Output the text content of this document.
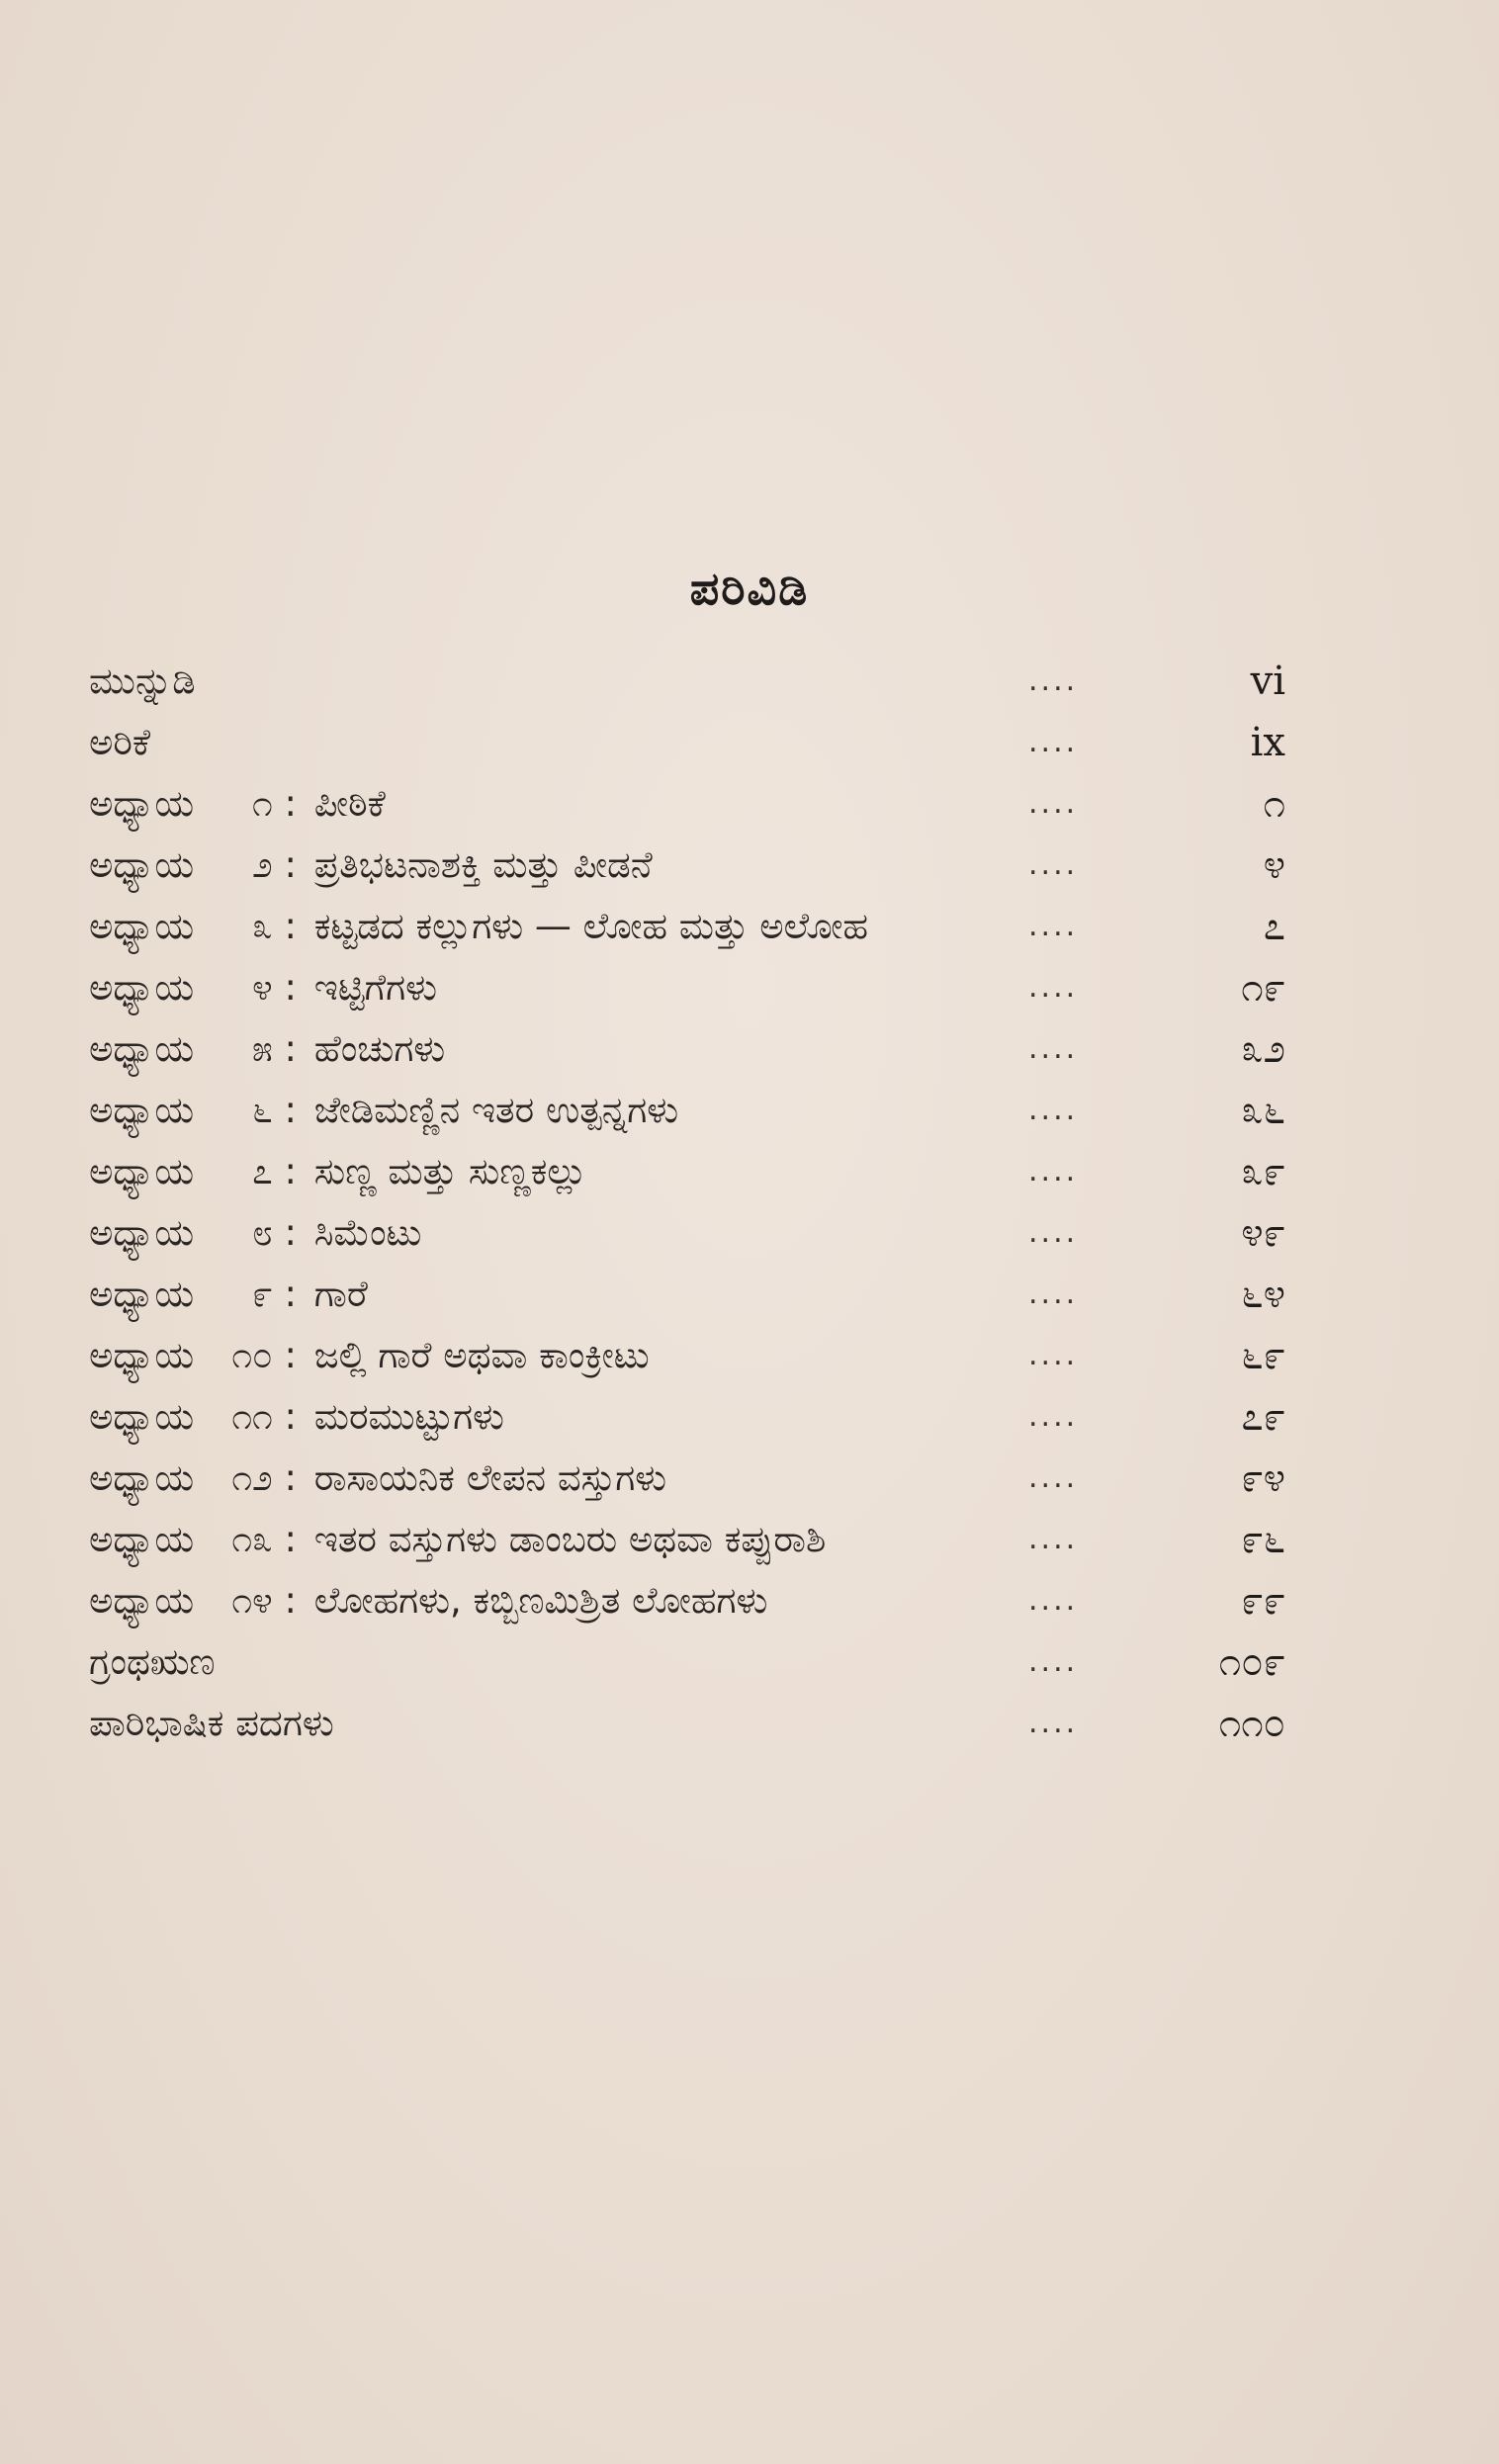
ಪರಿವಿಡಿ
ಮುನ್ನುಡಿ	....	vi
ಅರಿಕೆ	....	ix
ಅಧ್ಯಾಯ ೧ : ಪೀಠಿಕೆ	....	೧
ಅಧ್ಯಾಯ ೨ : ಪ್ರತಿಭಟನಾಶಕ್ತಿ ಮತ್ತು ಪೀಡನೆ	....	೪
ಅಧ್ಯಾಯ ೩ : ಕಟ್ಟಡದ ಕಲ್ಲುಗಳು — ಲೋಹ ಮತ್ತು ಅಲೋಹ	....	೭
ಅಧ್ಯಾಯ ೪ : ಇಟ್ಟಿಗೆಗಳು	....	೧೯
ಅಧ್ಯಾಯ ೫ : ಹೆಂಚುಗಳು	....	೩೨
ಅಧ್ಯಾಯ ೬ : ಜೇಡಿಮಣ್ಣಿನ ಇತರ ಉತ್ಪನ್ನಗಳು	....	೩೬
ಅಧ್ಯಾಯ ೭ : ಸುಣ್ಣ ಮತ್ತು ಸುಣ್ಣಕಲ್ಲು	....	೩೯
ಅಧ್ಯಾಯ ೮ : ಸಿಮೆಂಟು	....	೪೯
ಅಧ್ಯಾಯ ೯ : ಗಾರೆ	....	೬೪
ಅಧ್ಯಾಯ ೧೦ : ಜಲ್ಲಿ ಗಾರೆ ಅಥವಾ ಕಾಂಕ್ರೀಟು	....	೬೯
ಅಧ್ಯಾಯ ೧೧ : ಮರಮುಟ್ಟುಗಳು	....	೭೯
ಅಧ್ಯಾಯ ೧೨ : ರಾಸಾಯನಿಕ ಲೇಪನ ವಸ್ತುಗಳು	....	೯೪
ಅಧ್ಯಾಯ ೧೩ : ಇತರ ವಸ್ತುಗಳು ಡಾಂಬರು ಅಥವಾ ಕಪ್ಪುರಾಶಿ	....	೯೬
ಅಧ್ಯಾಯ ೧೪ : ಲೋಹಗಳು, ಕಬ್ಬಿಣಮಿಶ್ರಿತ ಲೋಹಗಳು	....	೯೯
ಗ್ರಂಥಋಣ	....	೧೦೯
ಪಾರಿಭಾಷಿಕ ಪದಗಳು	....	೧೧೦
